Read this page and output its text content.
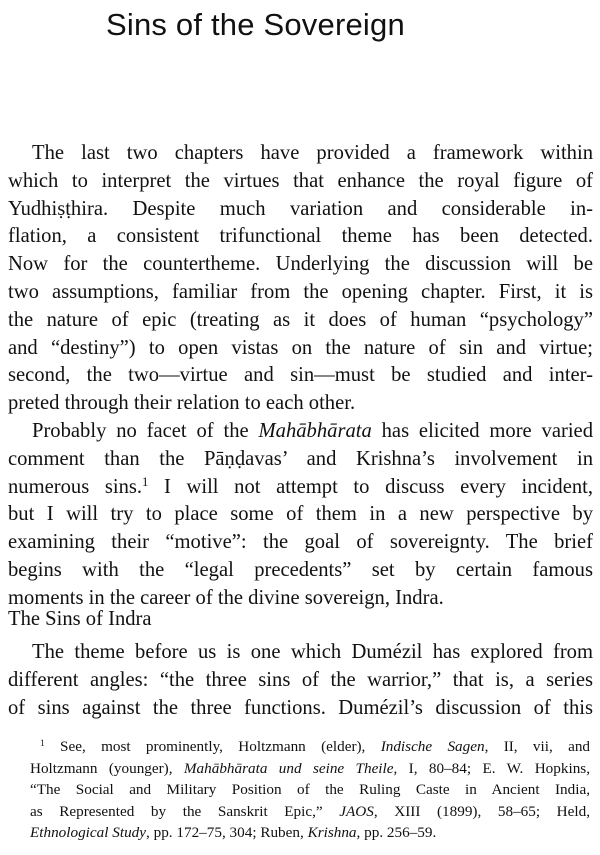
Sins of the Sovereign
The last two chapters have provided a framework within
which to interpret the virtues that enhance the royal figure of
Yudhiṣṭhira. Despite much variation and considerable in-
flation, a consistent trifunctional theme has been detected.
Now for the countertheme. Underlying the discussion will be
two assumptions, familiar from the opening chapter. First, it is
the nature of epic (treating as it does of human “psychology”
and “destiny”) to open vistas on the nature of sin and virtue;
second, the two—virtue and sin—must be studied and inter-
preted through their relation to each other.
Probably no facet of the Mahābhārata has elicited more varied
comment than the Pāṇḍavas’ and Krishna’s involvement in
numerous sins.$^1$ I will not attempt to discuss every incident,
but I will try to place some of them in a new perspective by
examining their “motive”: the goal of sovereignty. The brief
begins with the “legal precedents” set by certain famous
moments in the career of the divine sovereign, Indra.
The Sins of Indra
The theme before us is one which Dumézil has explored from
different angles: “the three sins of the warrior,” that is, a series
of sins against the three functions. Dumézil’s discussion of this
$^1$ See, most prominently, Holtzmann (elder), Indische Sagen, II, vii, and
Holtzmann (younger), Mahābhārata und seine Theile, I, 80–84; E. W. Hopkins,
“The Social and Military Position of the Ruling Caste in Ancient India,
as Represented by the Sanskrit Epic,” JAOS, XIII (1899), 58–65; Held,
Ethnological Study, pp. 172–75, 304; Ruben, Krishna, pp. 256–59.
